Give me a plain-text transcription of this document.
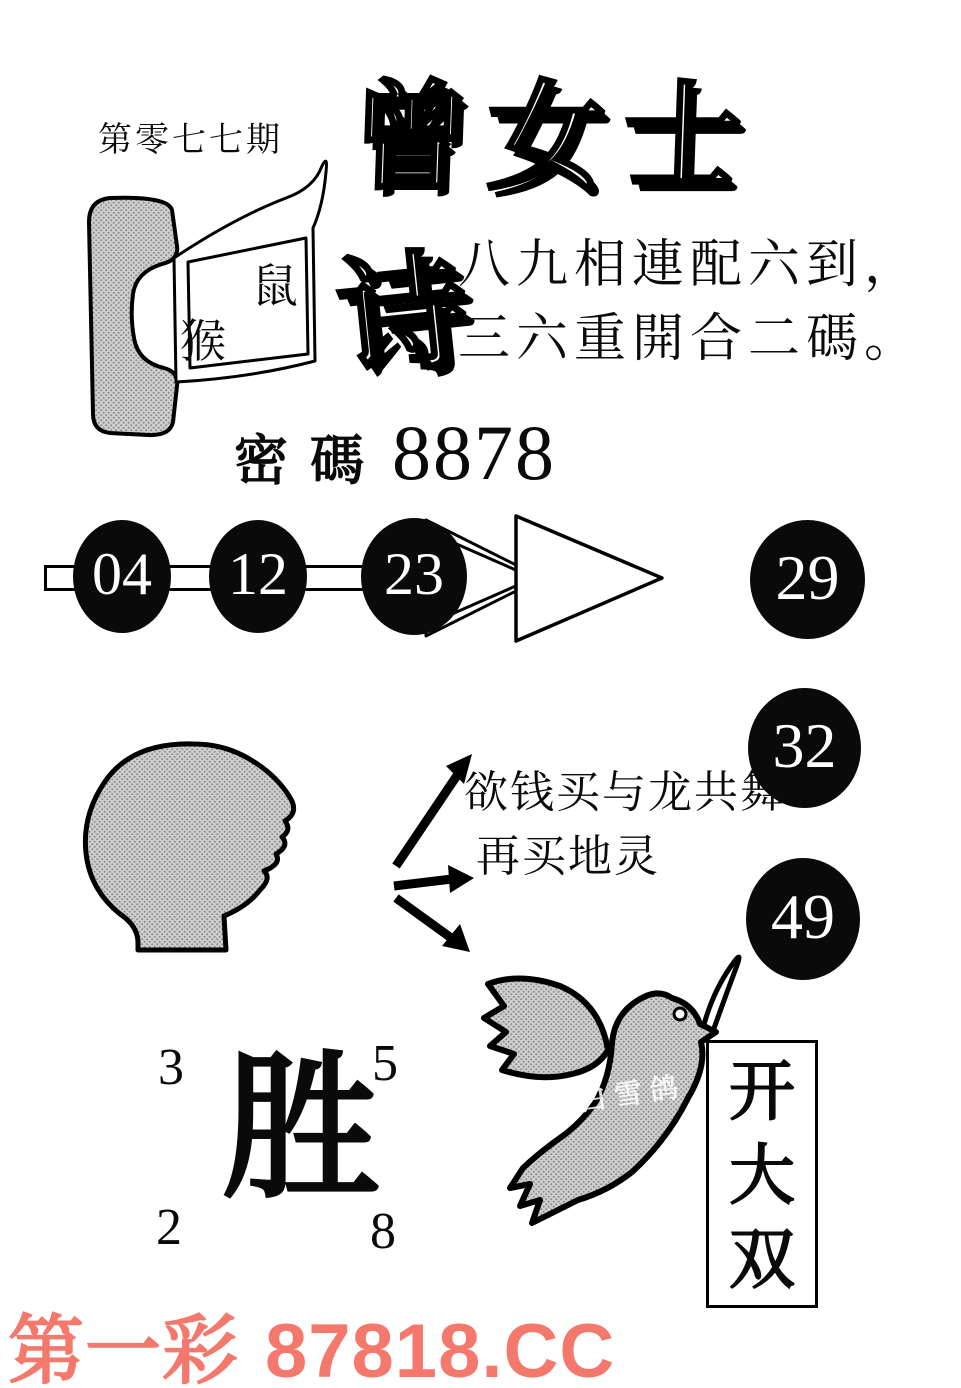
第零七七期 曾女士
鼠
猴 诗
八九相連配六到，
三六重開合二碼。
密碼 8878
04 12 23	29
32
49
欲钱买与龙共舞
再买地灵
3	5
2	8
胜	开大双
白雪鸽
第一彩 87818.CC
